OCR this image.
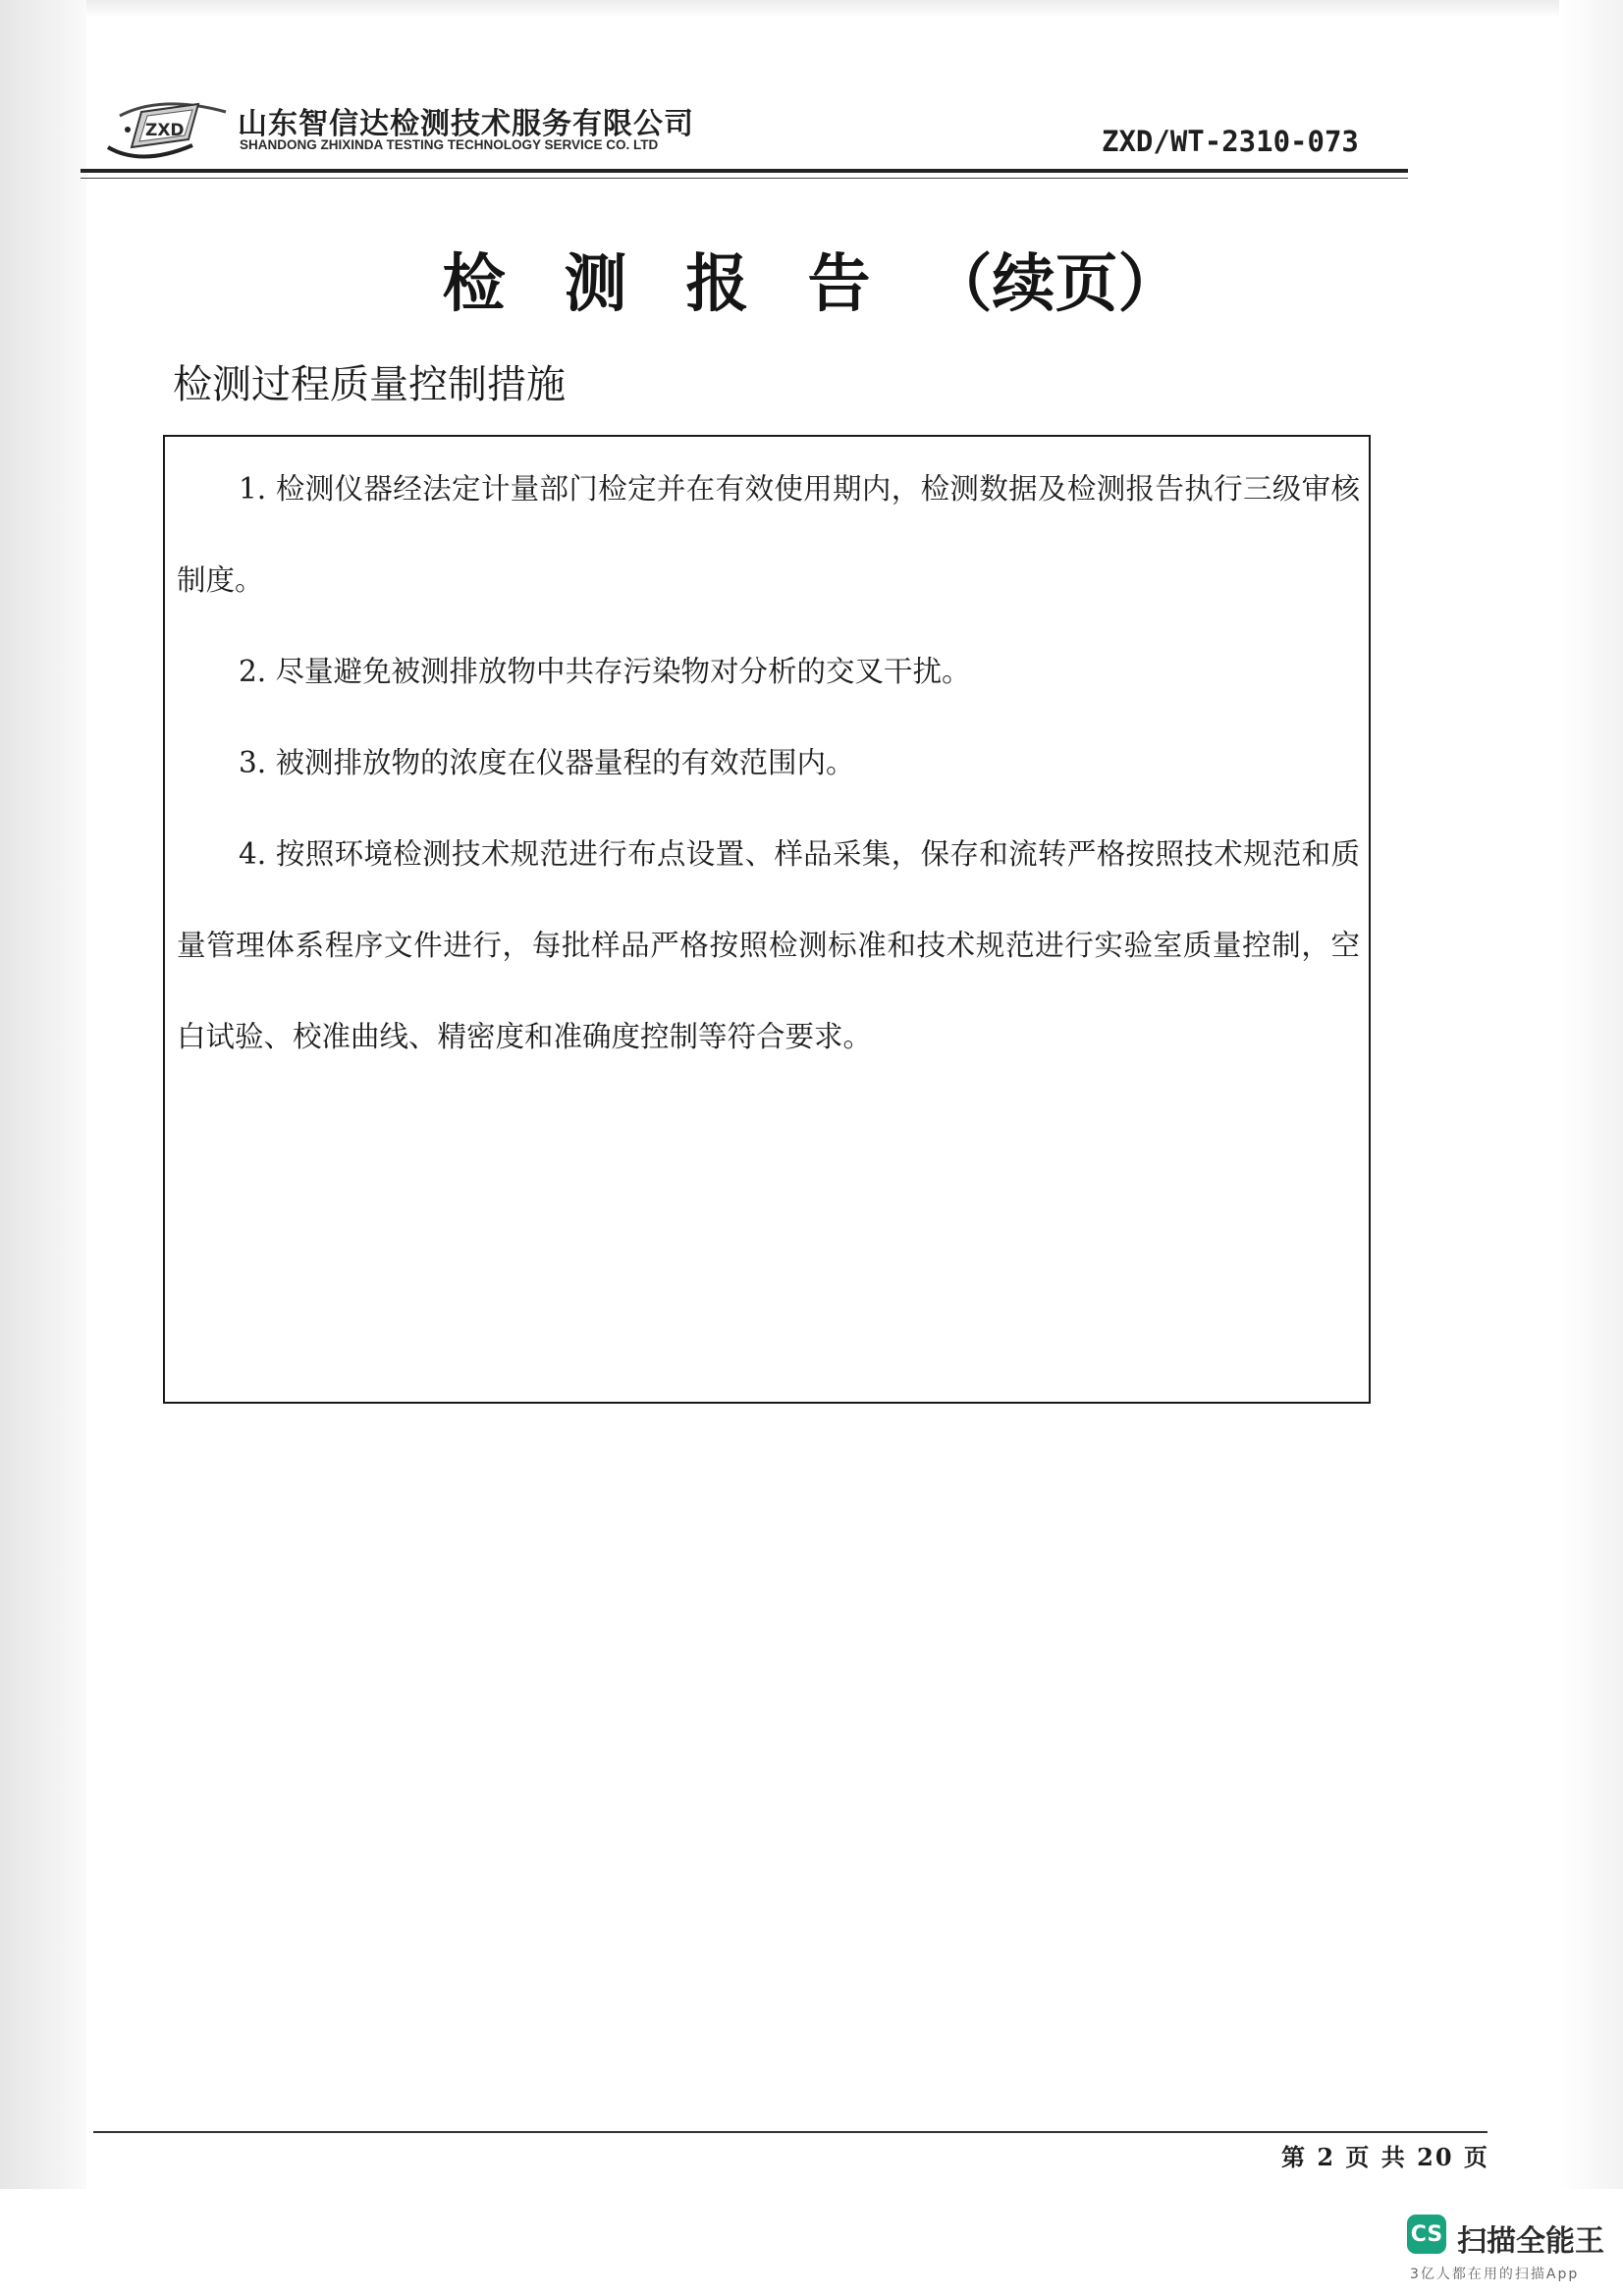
ZXD 山东智信达检测技术服务有限公司
SHANDONG ZHIXINDA TESTING TECHNOLOGY SERVICE CO. LTD	ZXD/WT-2310-073
检测报告（续页）
检测过程质量控制措施
1. 检测仪器经法定计量部门检定并在有效使用期内，检测数据及检测报告执行三级审核制度。
2. 尽量避免被测排放物中共存污染物对分析的交叉干扰。
3. 被测排放物的浓度在仪器量程的有效范围内。
4. 按照环境检测技术规范进行布点设置、样品采集，保存和流转严格按照技术规范和质量管理体系程序文件进行，每批样品严格按照检测标准和技术规范进行实验室质量控制，空白试验、校准曲线、精密度和准确度控制等符合要求。
第 2 页 共 20 页
CS 扫描全能王
3亿人都在用的扫描App
